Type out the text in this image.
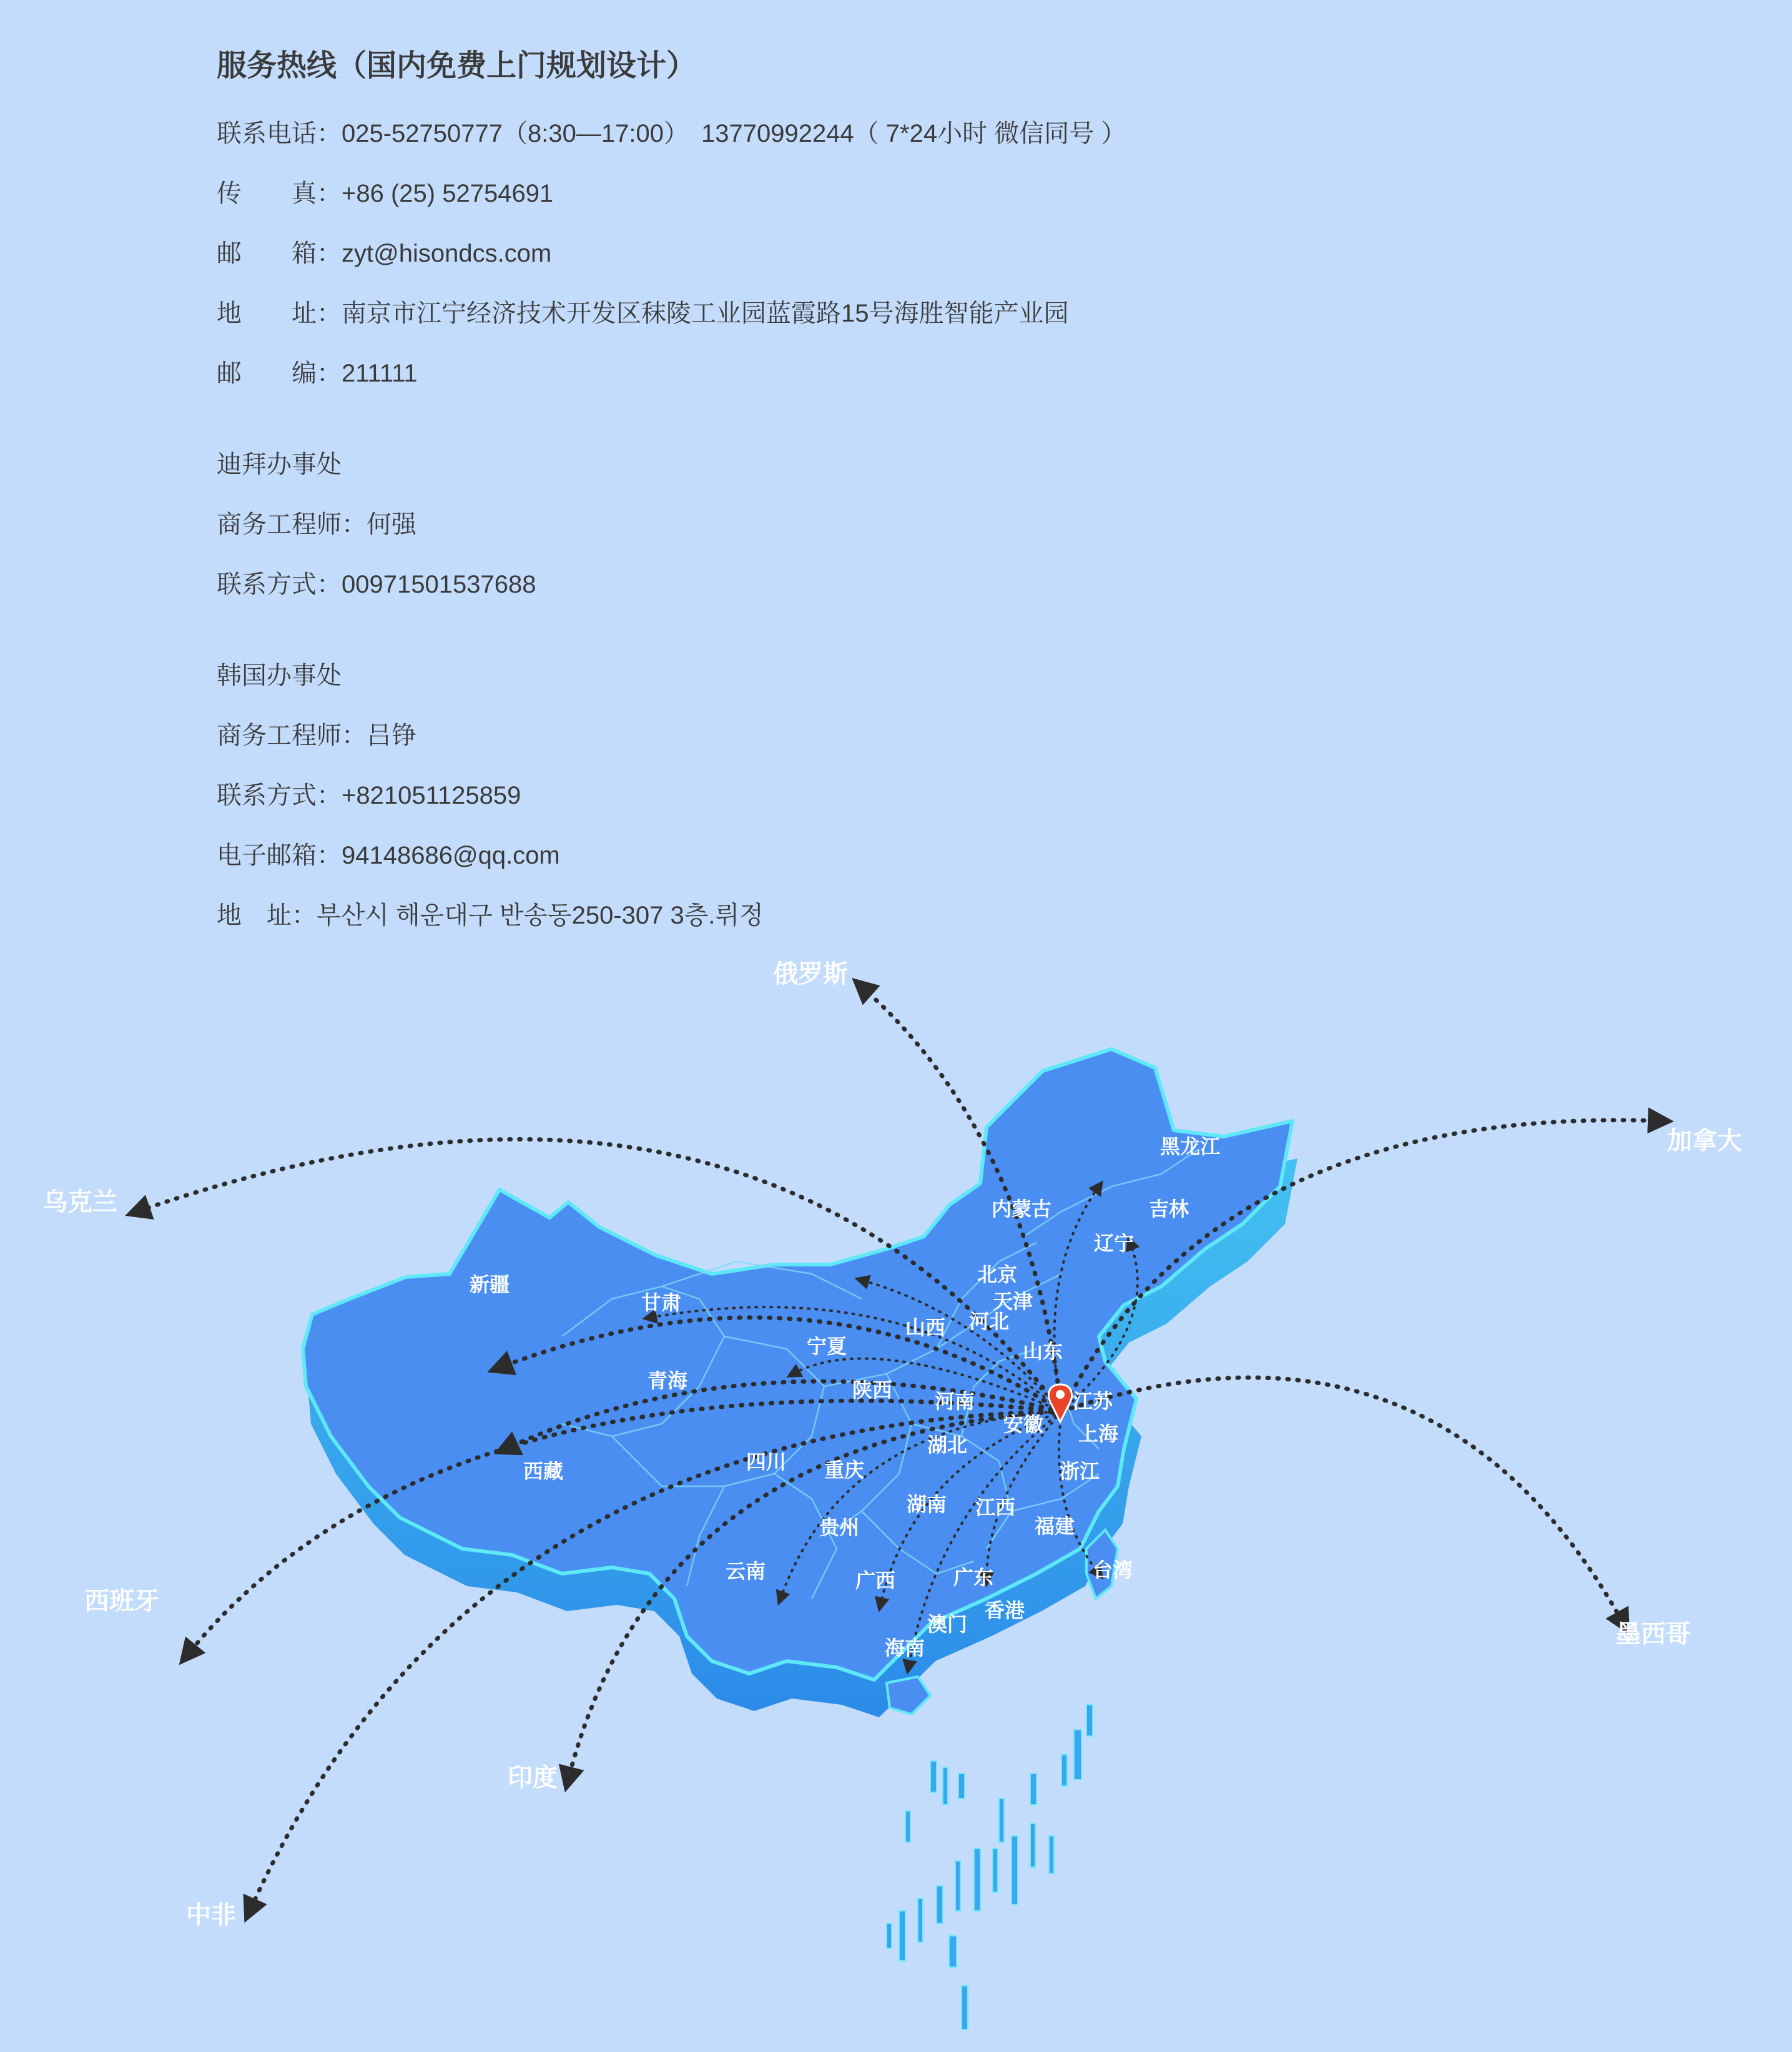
服务热线（国内免费上门规划设计）
联系电话：025-52750777（8:30—17:00）　13770992244（ 7*24小时 微信同号 ）
传 真：+86 (25) 52754691
邮 箱：zyt@hisondcs.com
地 址：南京市江宁经济技术开发区秣陵工业园蓝霞路15号海胜智能产业园
邮 编：211111
迪拜办事处
商务工程师：何强
联系方式：00971501537688
韩国办事处
商务工程师：吕铮
联系方式：+821051125859
电子邮箱：94148686@qq.com
地　址：부산시 해운대구 반송동250-307 3층.뤼정
黑龙江
吉林
辽宁
内蒙古
北京
天津
河北
山西
山东
新疆
甘肃
宁夏
青海	陕西 河南
安徽
江苏
上海
西藏	四川 重庆
湖北
浙江
湖南 江西
福建
贵州
云南	广西	广东
香港
澳门
台湾
海南
俄罗斯
加拿大
乌克兰
西班牙
墨西哥
印度
中非
